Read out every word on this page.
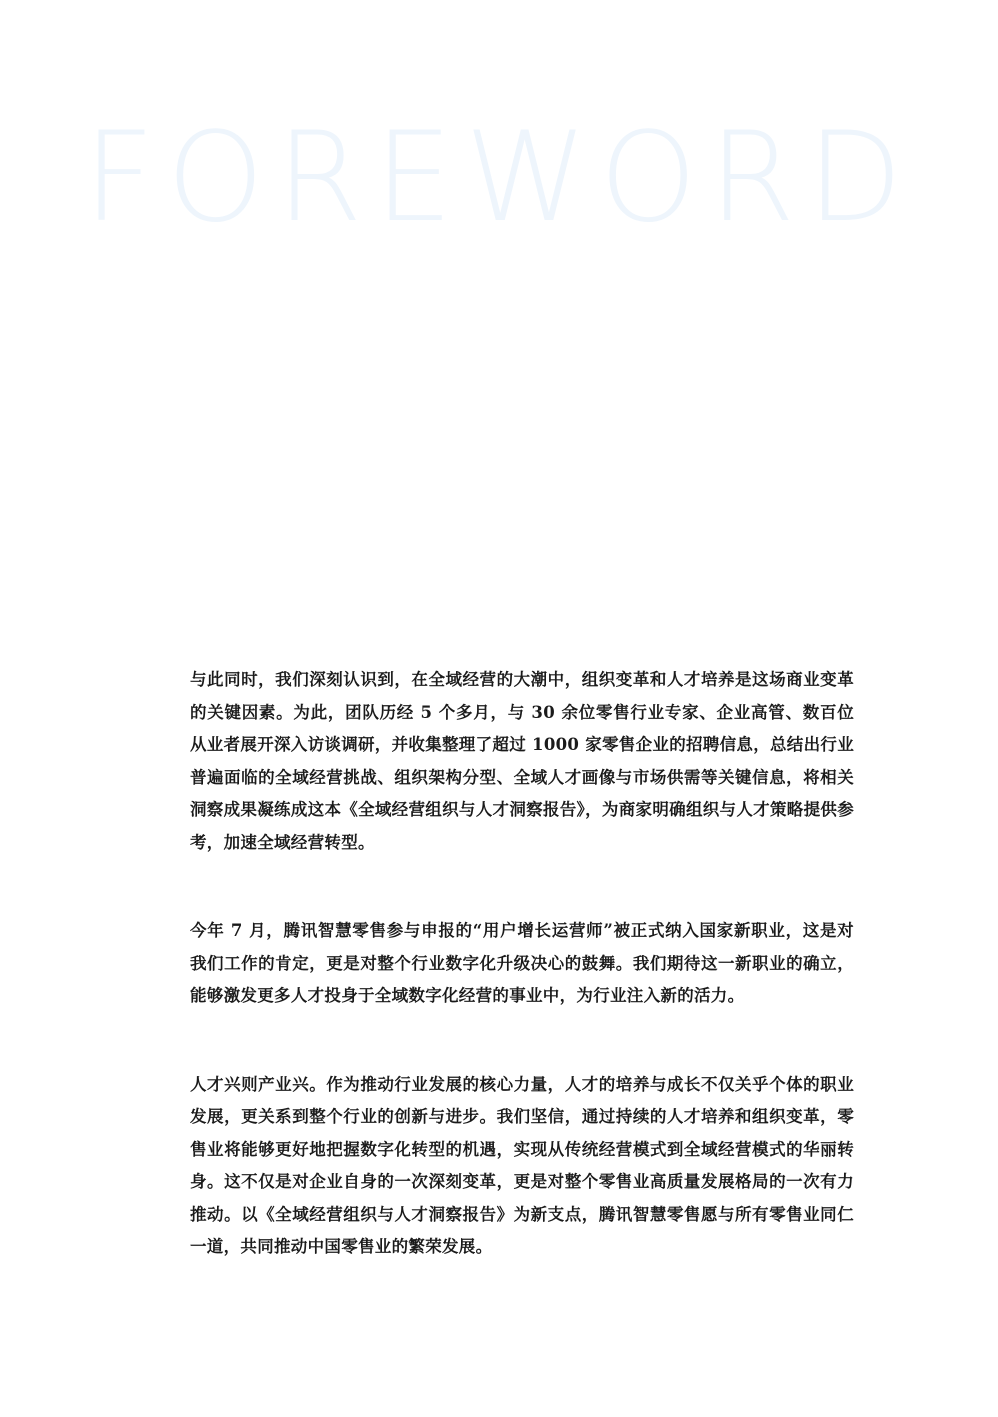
FOREWORD

与此同时，我们深刻认识到，在全域经营的大潮中，组织变革和人才培养是这场商业变革的关键因素。为此，团队历经 5 个多月，与 30 余位零售行业专家、企业高管、数百位从业者展开深入访谈调研，并收集整理了超过 1000 家零售企业的招聘信息，总结出行业普遍面临的全域经营挑战、组织架构分型、全域人才画像与市场供需等关键信息，将相关洞察成果凝练成这本《全域经营组织与人才洞察报告》，为商家明确组织与人才策略提供参考，加速全域经营转型。

今年 7 月，腾讯智慧零售参与申报的“用户增长运营师”被正式纳入国家新职业，这是对我们工作的肯定，更是对整个行业数字化升级决心的鼓舞。我们期待这一新职业的确立，能够激发更多人才投身于全域数字化经营的事业中，为行业注入新的活力。

人才兴则产业兴。作为推动行业发展的核心力量，人才的培养与成长不仅关乎个体的职业发展，更关系到整个行业的创新与进步。我们坚信，通过持续的人才培养和组织变革，零售业将能够更好地把握数字化转型的机遇，实现从传统经营模式到全域经营模式的华丽转身。这不仅是对企业自身的一次深刻变革，更是对整个零售业高质量发展格局的一次有力推动。以《全域经营组织与人才洞察报告》为新支点，腾讯智慧零售愿与所有零售业同仁一道，共同推动中国零售业的繁荣发展。
